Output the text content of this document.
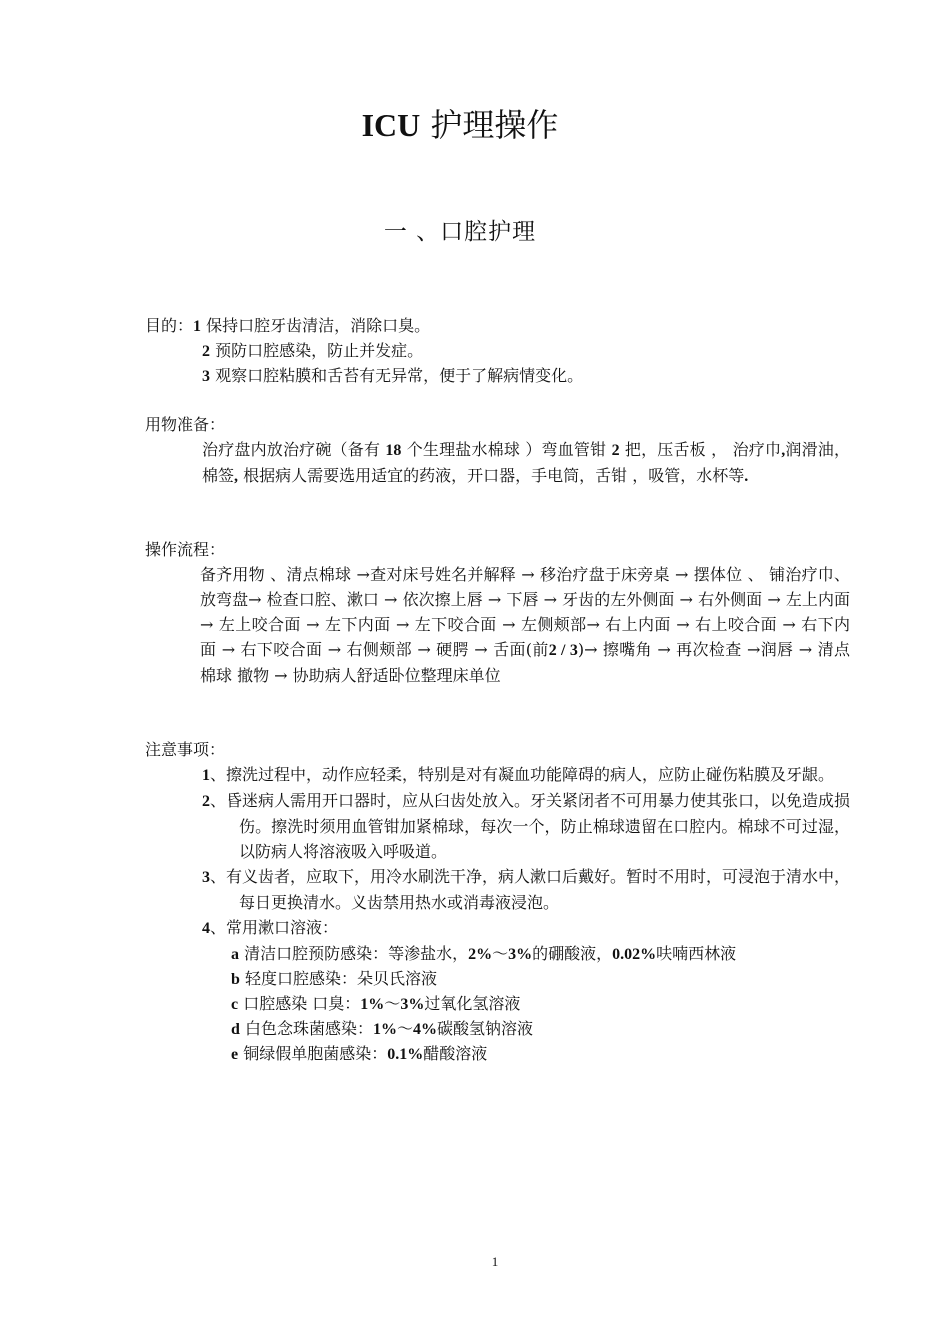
ICU 护理操作
一 、口腔护理
目的：1 保持口腔牙齿清洁，消除口臭。
2 预防口腔感染，防止并发症。
3 观察口腔粘膜和舌苔有无异常，便于了解病情变化。
用物准备：
治疗盘内放治疗碗（备有 18 个生理盐水棉球 ）弯血管钳 2 把，压舌板 ， 治疗巾,润滑油，棉签, 根据病人需要选用适宜的药液，开口器，手电筒，舌钳 ，吸管，水杯等.
操作流程：
备齐用物 、清点棉球 →查对床号姓名并解释 → 移治疗盘于床旁桌 → 摆体位 、 铺治疗巾、放弯盘→ 检查口腔、漱口 → 依次擦上唇 → 下唇 → 牙齿的左外侧面 → 右外侧面 → 左上内面 → 左上咬合面 → 左下内面 → 左下咬合面 → 左侧颊部→ 右上内面 → 右上咬合面 → 右下内面 → 右下咬合面 → 右侧颊部 → 硬腭 → 舌面(前2 / 3)→ 擦嘴角 → 再次检查 →润唇 → 清点棉球 撤物 → 协助病人舒适卧位整理床单位
注意事项：
1、擦洗过程中，动作应轻柔，特别是对有凝血功能障碍的病人，应防止碰伤粘膜及牙龈。
2、昏迷病人需用开口器时，应从臼齿处放入。牙关紧闭者不可用暴力使其张口，以免造成损伤。擦洗时须用血管钳加紧棉球，每次一个，防止棉球遗留在口腔内。棉球不可过湿，以防病人将溶液吸入呼吸道。
3、有义齿者，应取下，用冷水刷洗干净，病人漱口后戴好。暂时不用时，可浸泡于清水中，每日更换清水。义齿禁用热水或消毒液浸泡。
4、常用漱口溶液：
a 清洁口腔预防感染：等渗盐水，2%～3%的硼酸液，0.02%呋喃西林液
b 轻度口腔感染：朵贝氏溶液
c 口腔感染 口臭：1%～3%过氧化氢溶液
d 白色念珠菌感染：1%～4%碳酸氢钠溶液
e 铜绿假单胞菌感染：0.1%醋酸溶液
1
